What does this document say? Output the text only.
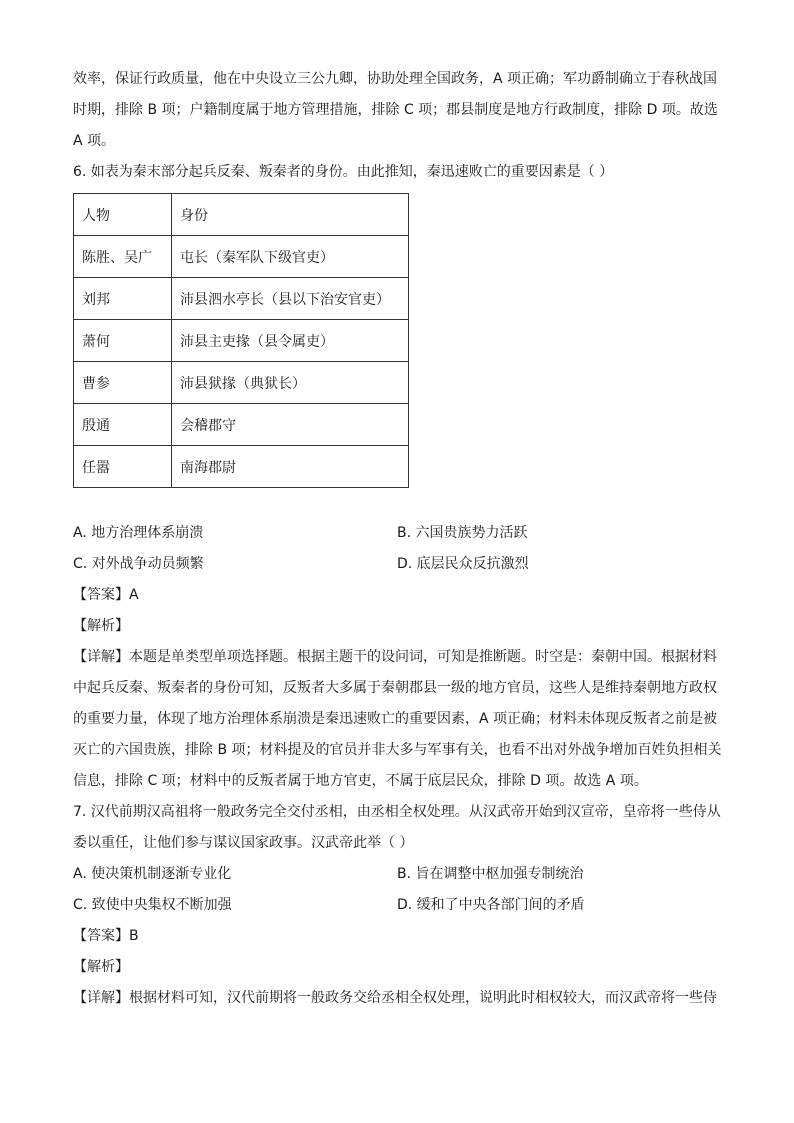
效率，保证行政质量，他在中央设立三公九卿，协助处理全国政务，A 项正确；军功爵制确立于春秋战国
时期，排除 B 项；户籍制度属于地方管理措施，排除 C 项；郡县制度是地方行政制度，排除 D 项。故选
A 项。
6. 如表为秦末部分起兵反秦、叛秦者的身份。由此推知，秦迅速败亡的重要因素是（ ）
人物	身份
陈胜、吴广	屯长（秦军队下级官吏）
刘邦	沛县泗水亭长（县以下治安官吏）
萧何	沛县主吏掾（县令属吏）
曹参	沛县狱掾（典狱长）
殷通	会稽郡守
任嚣	南海郡尉
A. 地方治理体系崩溃	B. 六国贵族势力活跃
C. 对外战争动员频繁	D. 底层民众反抗激烈
【答案】A
【解析】
【详解】本题是单类型单项选择题。根据主题干的设问词，可知是推断题。时空是：秦朝中国。根据材料
中起兵反秦、叛秦者的身份可知，反叛者大多属于秦朝郡县一级的地方官员，这些人是维持秦朝地方政权
的重要力量，体现了地方治理体系崩溃是秦迅速败亡的重要因素，A 项正确；材料未体现反叛者之前是被
灭亡的六国贵族，排除 B 项；材料提及的官员并非大多与军事有关，也看不出对外战争增加百姓负担相关
信息，排除 C 项；材料中的反叛者属于地方官吏，不属于底层民众，排除 D 项。故选 A 项。
7. 汉代前期汉高祖将一般政务完全交付丞相，由丞相全权处理。从汉武帝开始到汉宣帝，皇帝将一些侍从
委以重任，让他们参与谋议国家政事。汉武帝此举（ ）
A. 使决策机制逐渐专业化	B. 旨在调整中枢加强专制统治
C. 致使中央集权不断加强	D. 缓和了中央各部门间的矛盾
【答案】B
【解析】
【详解】根据材料可知，汉代前期将一般政务交给丞相全权处理，说明此时相权较大，而汉武帝将一些侍
